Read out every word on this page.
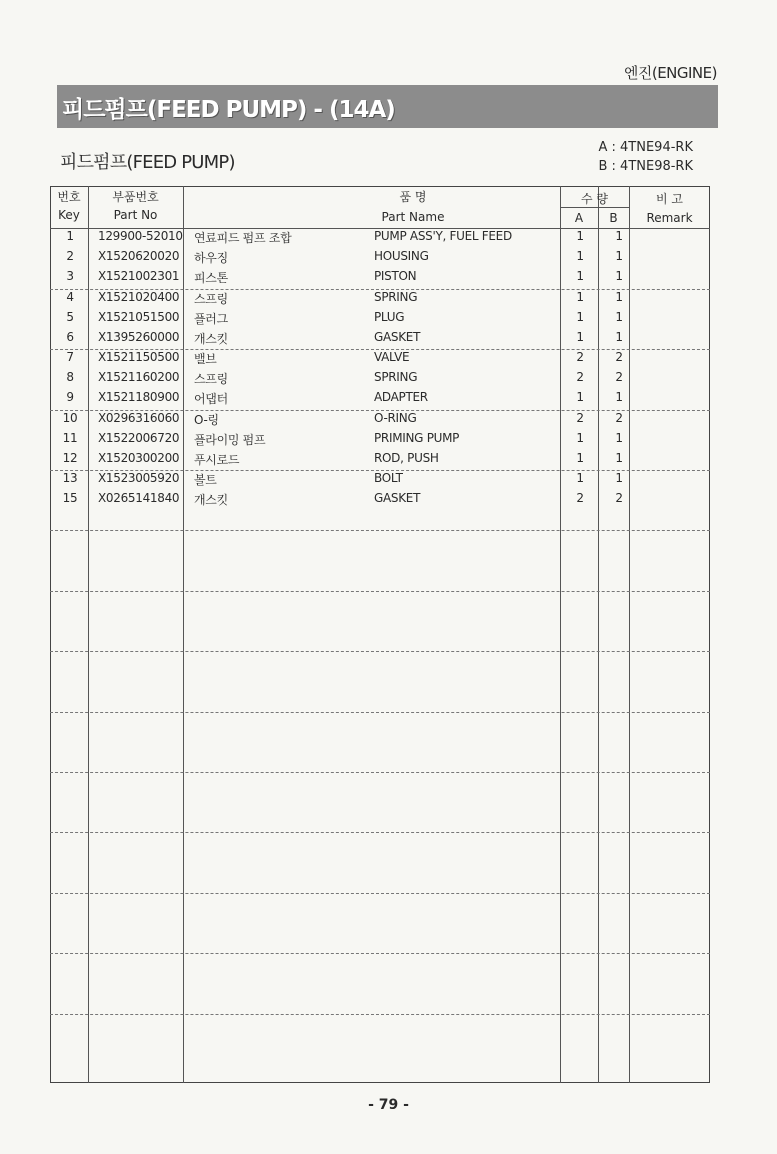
엔진(ENGINE)
피드펌프(FEED PUMP) - (14A)
피드펌프(FEED PUMP)
A : 4TNE94-RK
B : 4TNE98-RK
번호
Key
부품번호
Part No
품 명
Part Name
수 량
A	B
비 고
Remark
1	129900-52010 연료피드 펌프 조합	PUMP ASS'Y, FUEL FEED	1	1
2	X1520620020 하우징	HOUSING	1	1
3	X1521002301 피스톤	PISTON	1	1
4	X1521020400 스프링	SPRING	1	1
5	X1521051500 플러그	PLUG	1	1
6	X1395260000 개스킷	GASKET	1	1
7	X1521150500 밸브	VALVE	2	2
8	X1521160200 스프링	SPRING	2	2
9	X1521180900 어댑터	ADAPTER	1	1
10	X0296316060 O-링	O-RING	2	2
11	X1522006720 플라이밍 펌프	PRIMING PUMP	1	1
12	X1520300200 푸시로드	ROD, PUSH	1	1
13	X1523005920 볼트	BOLT	1	1
15	X0265141840 개스킷	GASKET	2	2
- 79 -
